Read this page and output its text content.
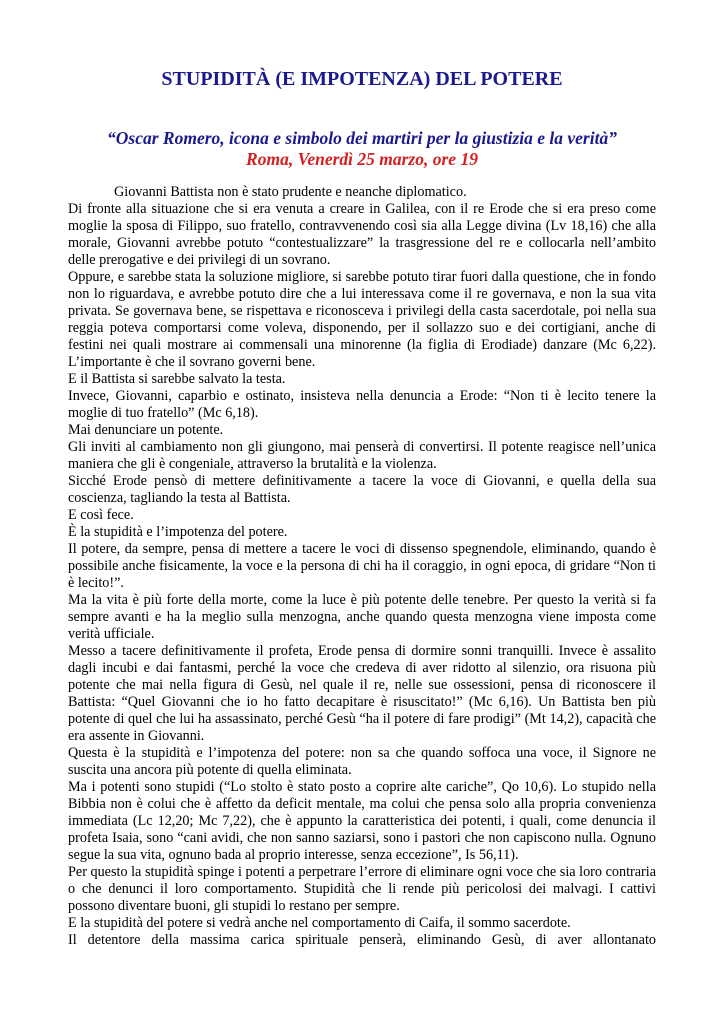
STUPIDITÀ (E IMPOTENZA) DEL POTERE
“Oscar Romero, icona e simbolo dei martiri per la giustizia e la verità”
Roma, Venerdì 25 marzo, ore 19

Giovanni Battista non è stato prudente e neanche diplomatico.

Di fronte alla situazione che si era venuta a creare in Galilea, con il re Erode che si era preso come moglie la sposa di Filippo, suo fratello, contravvenendo così sia alla Legge divina (Lv 18,16) che alla morale, Giovanni avrebbe potuto “contestualizzare” la trasgressione del re e collocarla nell’ambito delle prerogative e dei privilegi di un sovrano.

Oppure, e sarebbe stata la soluzione migliore, si sarebbe potuto tirar fuori dalla questione, che in fondo non lo riguardava, e avrebbe potuto dire che a lui interessava come il re governava, e non la sua vita privata. Se governava bene, se rispettava e riconosceva i privilegi della casta sacerdotale, poi nella sua reggia poteva comportarsi come voleva, disponendo, per il sollazzo suo e dei cortigiani, anche di festini nei quali mostrare ai commensali una minorenne (la figlia di Erodiade) danzare (Mc 6,22). L’importante è che il sovrano governi bene.

E il Battista si sarebbe salvato la testa.

Invece, Giovanni, caparbio e ostinato, insisteva nella denuncia a Erode: “Non ti è lecito tenere la moglie di tuo fratello” (Mc 6,18).

Mai denunciare un potente.

Gli inviti al cambiamento non gli giungono, mai penserà di convertirsi. Il potente reagisce nell’unica maniera che gli è congeniale, attraverso la brutalità e la violenza.

Sicché Erode pensò di mettere definitivamente a tacere la voce di Giovanni, e quella della sua coscienza, tagliando la testa al Battista.

E così fece.

È la stupidità e l’impotenza del potere.

Il potere, da sempre, pensa di mettere a tacere le voci di dissenso spegnendole, eliminando, quando è possibile anche fisicamente, la voce e la persona di chi ha il coraggio, in ogni epoca, di gridare “Non ti è lecito!”.

Ma la vita è più forte della morte, come la luce è più potente delle tenebre. Per questo la verità si fa sempre avanti e ha la meglio sulla menzogna, anche quando questa menzogna viene imposta come verità ufficiale.

Messo a tacere definitivamente il profeta, Erode pensa di dormire sonni tranquilli. Invece è assalito dagli incubi e dai fantasmi, perché la voce che credeva di aver ridotto al silenzio, ora risuona più potente che mai nella figura di Gesù, nel quale il re, nelle sue ossessioni, pensa di riconoscere il Battista: “Quel Giovanni che io ho fatto decapitare è risuscitato!” (Mc 6,16). Un Battista ben più potente di quel che lui ha assassinato, perché Gesù “ha il potere di fare prodigi” (Mt 14,2), capacità che era assente in Giovanni.

Questa è la stupidità e l’impotenza del potere: non sa che quando soffoca una voce, il Signore ne suscita una ancora più potente di quella eliminata.

Ma i potenti sono stupidi (“Lo stolto è stato posto a coprire alte cariche”, Qo 10,6). Lo stupido nella Bibbia non è colui che è affetto da deficit mentale, ma colui che pensa solo alla propria convenienza immediata (Lc 12,20; Mc 7,22), che è appunto la caratteristica dei potenti, i quali, come denuncia il profeta Isaia, sono “cani avidi, che non sanno saziarsi, sono i pastori che non capiscono nulla. Ognuno segue la sua vita, ognuno bada al proprio interesse, senza eccezione”, Is 56,11).

Per questo la stupidità spinge i potenti a perpetrare l’errore di eliminare ogni voce che sia loro contraria o che denunci il loro comportamento. Stupidità che li rende più pericolosi dei malvagi. I cattivi possono diventare buoni, gli stupidi lo restano per sempre.

E la stupidità del potere si vedrà anche nel comportamento di Caifa, il sommo sacerdote.

Il detentore della massima carica spirituale penserà, eliminando Gesù, di aver allontanato
